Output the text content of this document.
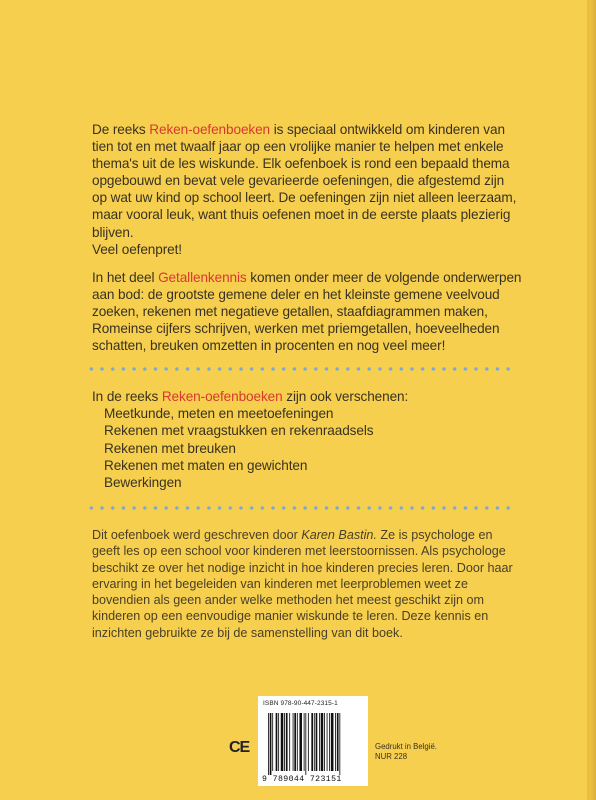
De reeks Reken-oefenboeken is speciaal ontwikkeld om kinderen van tien tot en met twaalf jaar op een vrolijke manier te helpen met enkele thema's uit de les wiskunde. Elk oefenboek is rond een bepaald thema opgebouwd en bevat vele gevarieerde oefeningen, die afgestemd zijn op wat uw kind op school leert. De oefeningen zijn niet alleen leerzaam, maar vooral leuk, want thuis oefenen moet in de eerste plaats plezierig blijven.

Veel oefenpret!

In het deel Getallenkennis komen onder meer de volgende onderwerpen aan bod: de grootste gemene deler en het kleinste gemene veelvoud zoeken, rekenen met negatieve getallen, staafdiagrammen maken, Romeinse cijfers schrijven, werken met priemgetallen, hoeveelheden schatten, breuken omzetten in procenten en nog veel meer!

In de reeks Reken-oefenboeken zijn ook verschenen:

Meetkunde, meten en meetoefeningen
Rekenen met vraagstukken en rekenraadsels
Rekenen met breuken
Rekenen met maten en gewichten
Bewerkingen

Dit oefenboek werd geschreven door Karen Bastin. Ze is psychologe en geeft les op een school voor kinderen met leerstoornissen. Als psychologe beschikt ze over het nodige inzicht in hoe kinderen precies leren. Door haar ervaring in het begeleiden van kinderen met leerproblemen weet ze bovendien als geen ander welke methoden het meest geschikt zijn om kinderen op een eenvoudige manier wiskunde te leren. Deze kennis en inzichten gebruikte ze bij de samenstelling van dit boek.

CE
ISBN 978-90-447-2315-1
9 789044 723151
Gedrukt in België.
NUR 228
